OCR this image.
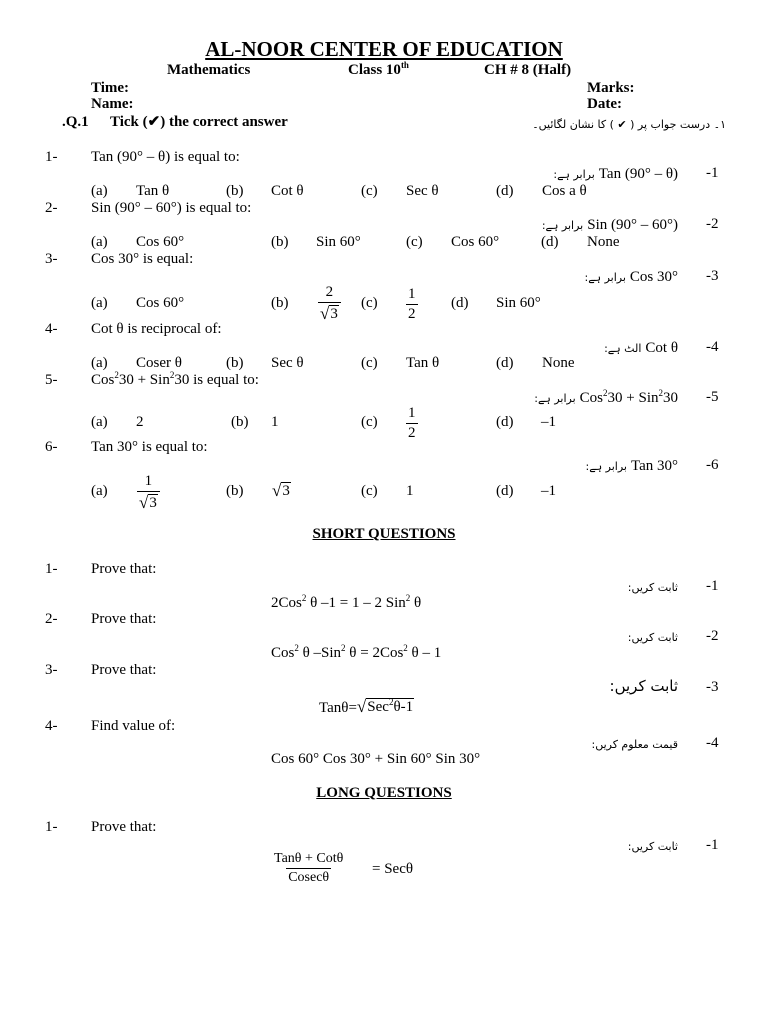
AL-NOOR CENTER OF EDUCATION
Mathematics	Class 10th	CH # 8 (Half)
Time:
Name:
Marks:
Date:
.Q.1 Tick (✔) the correct answer	۱۔ درست جواب پر ( ✔ ) کا نشان لگائیں۔
1- Tan (90° – θ) is equal to:
-1
برابر ہے: Tan (90° – θ)
(a) Tan θ	(b) Cot θ	(c) Sec θ	(d) Cos a θ
2- Sin (90° – 60°) is equal to:
-2
برابر ہے: Sin (90° – 60°)
(a) Cos 60°	(b) Sin 60°	(c) Cos 60°	(d) None
3- Cos 30° is equal:
-3
برابر ہے: Cos 30°
(a) Cos 60°	$(b) \frac{2}{√ 3} (c) \frac{1}{2} (d)$ Sin 60°
4- Cot θ is reciprocal of:
-4
الٹ ہے: Cot θ
(a) Coser θ	(b) Sec θ	(c) Tan θ	(d) None
5- Cos$^2$30 + Sin$^2$30 is equal to:
-5
برابر ہے: Cos$^2$30 + Sin$^2$30
(a) 2	(b) 1	$(c) \frac{1}{2}$	(d) –1
6- Tan 30° is equal to:
-6
برابر ہے: Tan 30°
$(a) \frac{1}{√ 3}$	(b) √ 3	(c) 1	(d) –1
SHORT QUESTIONS
1- Prove that:
-1
ثابت کریں:
2Cos$^2$ θ –1 = 1 – 2 Sin$^2$ θ
2- Prove that:
-2
ثابت کریں:
Cos$^2$ θ –Sin$^2$ θ = 2Cos$^2$ θ – 1
3- Prove that:
-3
ثابت کریں:
Tanθ= √ Sec$^2$θ-1
4- Find value of:
-4
قیمت معلوم کریں:
Cos 60° Cos 30° + Sin 60° Sin 30°
LONG QUESTIONS
1- Prove that:
-1
ثابت کریں:
Tanθ + Cotθ
Cosecθ
= Secθ
